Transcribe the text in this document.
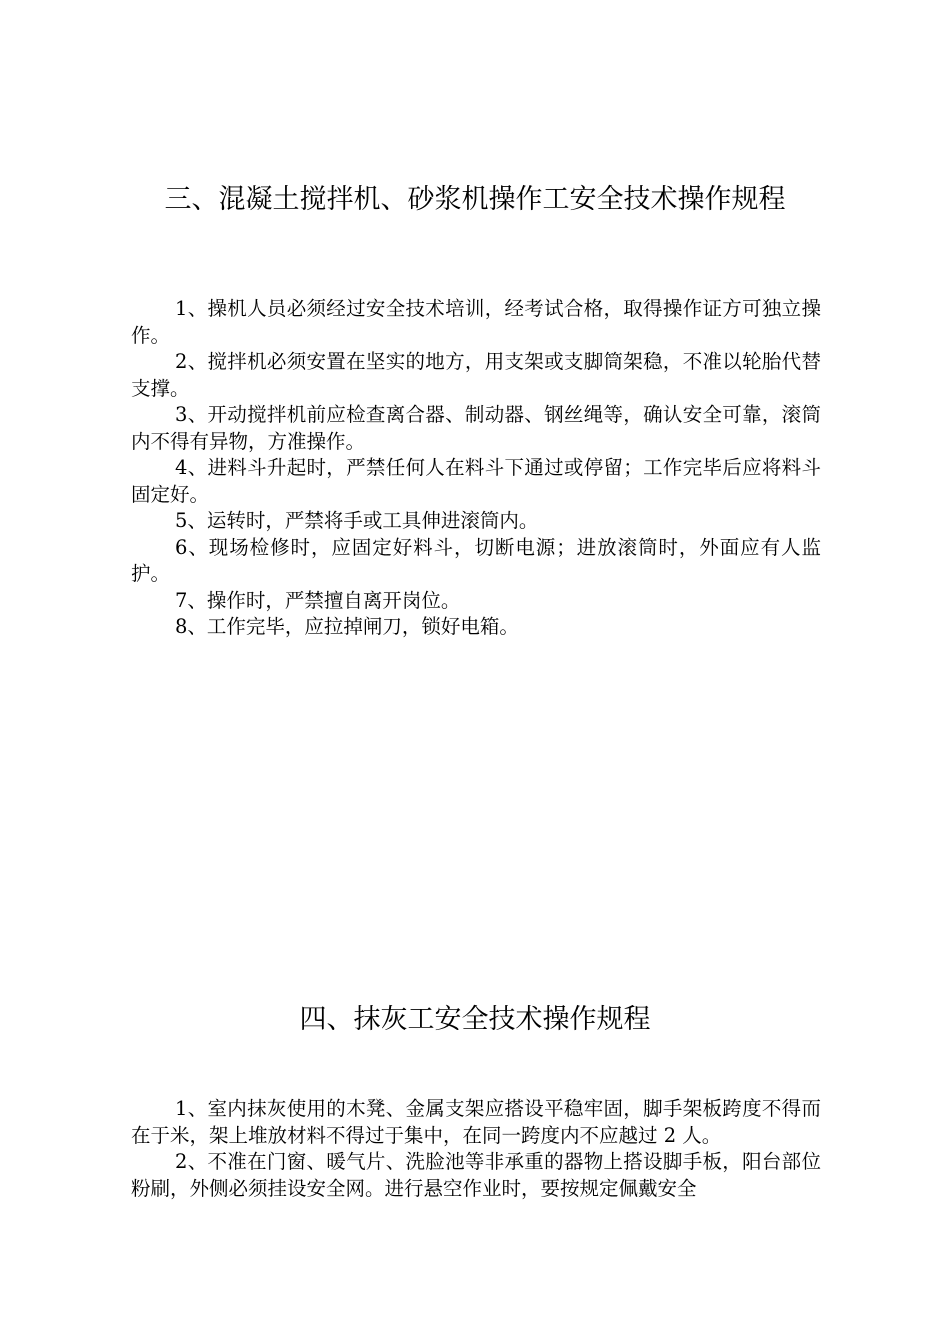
三、混凝土搅拌机、砂浆机操作工安全技术操作规程

1、操机人员必须经过安全技术培训，经考试合格，取得操作证方可独立操作。

2、搅拌机必须安置在坚实的地方，用支架或支脚筒架稳，不准以轮胎代替支撑。

3、开动搅拌机前应检查离合器、制动器、钢丝绳等，确认安全可靠，滚筒内不得有异物，方准操作。

4、进料斗升起时，严禁任何人在料斗下通过或停留；工作完毕后应将料斗固定好。

5、运转时，严禁将手或工具伸进滚筒内。

6、现场检修时，应固定好料斗，切断电源；进放滚筒时，外面应有人监护。

7、操作时，严禁擅自离开岗位。

8、工作完毕，应拉掉闸刀，锁好电箱。

四、抹灰工安全技术操作规程

1、室内抹灰使用的木凳、金属支架应搭设平稳牢固，脚手架板跨度不得而在于米，架上堆放材料不得过于集中，在同一跨度内不应越过 2 人。

2、不准在门窗、暖气片、洗脸池等非承重的器物上搭设脚手板，阳台部位粉刷，外侧必须挂设安全网。进行悬空作业时，要按规定佩戴安全
